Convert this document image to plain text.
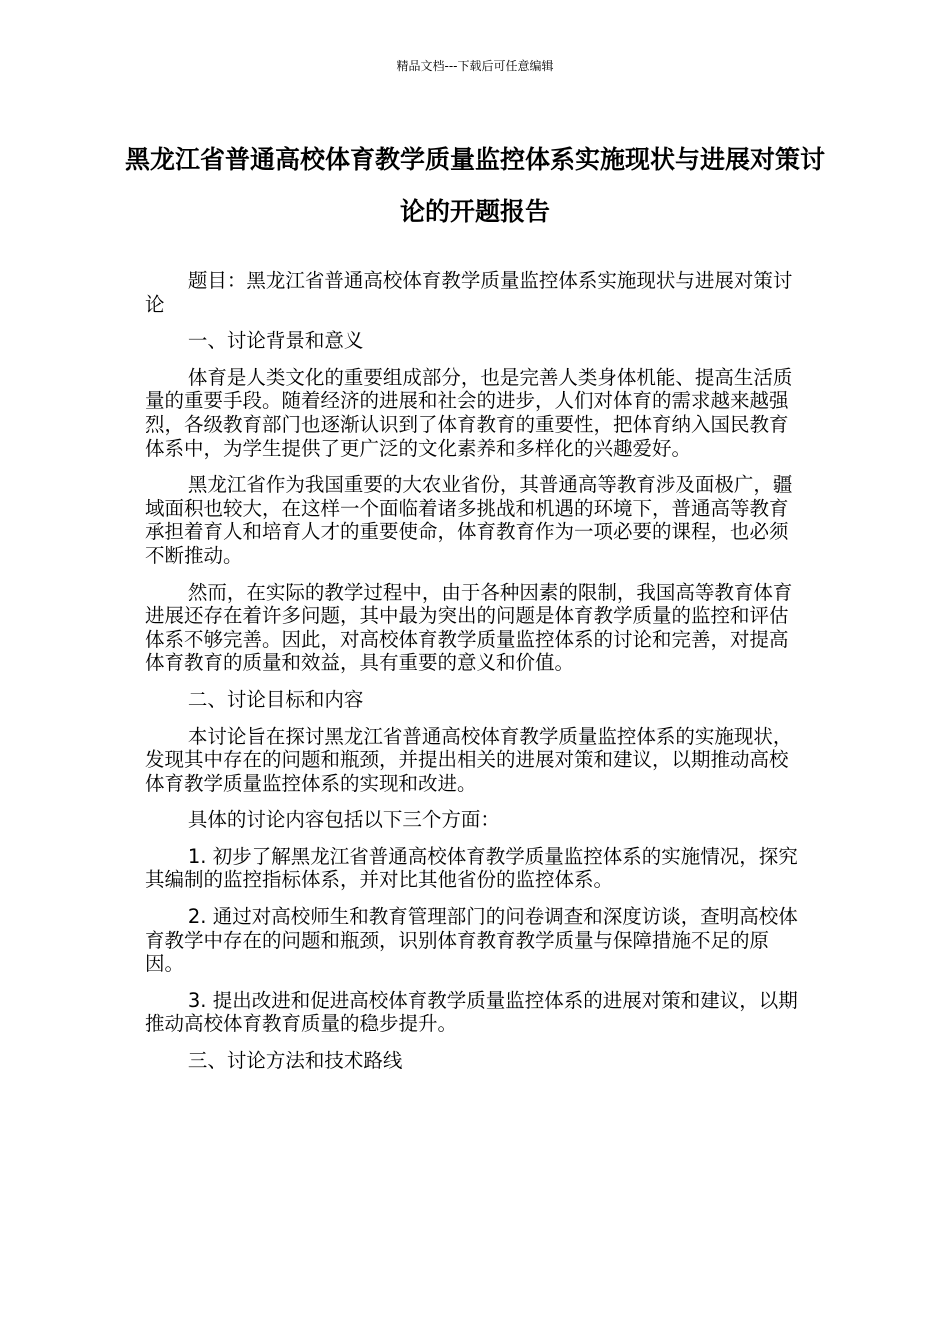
精品文档---下载后可任意编辑
黑龙江省普通高校体育教学质量监控体系实施现状与进展对策讨论的开题报告

题目：黑龙江省普通高校体育教学质量监控体系实施现状与进展对策讨论

一、讨论背景和意义

体育是人类文化的重要组成部分，也是完善人类身体机能、提高生活质量的重要手段。随着经济的进展和社会的进步，人们对体育的需求越来越强烈，各级教育部门也逐渐认识到了体育教育的重要性，把体育纳入国民教育体系中，为学生提供了更广泛的文化素养和多样化的兴趣爱好。

黑龙江省作为我国重要的大农业省份，其普通高等教育涉及面极广，疆域面积也较大，在这样一个面临着诸多挑战和机遇的环境下，普通高等教育承担着育人和培育人才的重要使命，体育教育作为一项必要的课程，也必须不断推动。

然而，在实际的教学过程中，由于各种因素的限制，我国高等教育体育进展还存在着许多问题，其中最为突出的问题是体育教学质量的监控和评估体系不够完善。因此，对高校体育教学质量监控体系的讨论和完善，对提高体育教育的质量和效益，具有重要的意义和价值。

二、讨论目标和内容

本讨论旨在探讨黑龙江省普通高校体育教学质量监控体系的实施现状，发现其中存在的问题和瓶颈，并提出相关的进展对策和建议，以期推动高校体育教学质量监控体系的实现和改进。

具体的讨论内容包括以下三个方面：

1. 初步了解黑龙江省普通高校体育教学质量监控体系的实施情况，探究其编制的监控指标体系，并对比其他省份的监控体系。

2. 通过对高校师生和教育管理部门的问卷调查和深度访谈，查明高校体育教学中存在的问题和瓶颈，识别体育教育教学质量与保障措施不足的原因。

3. 提出改进和促进高校体育教学质量监控体系的进展对策和建议，以期推动高校体育教育质量的稳步提升。

三、讨论方法和技术路线
